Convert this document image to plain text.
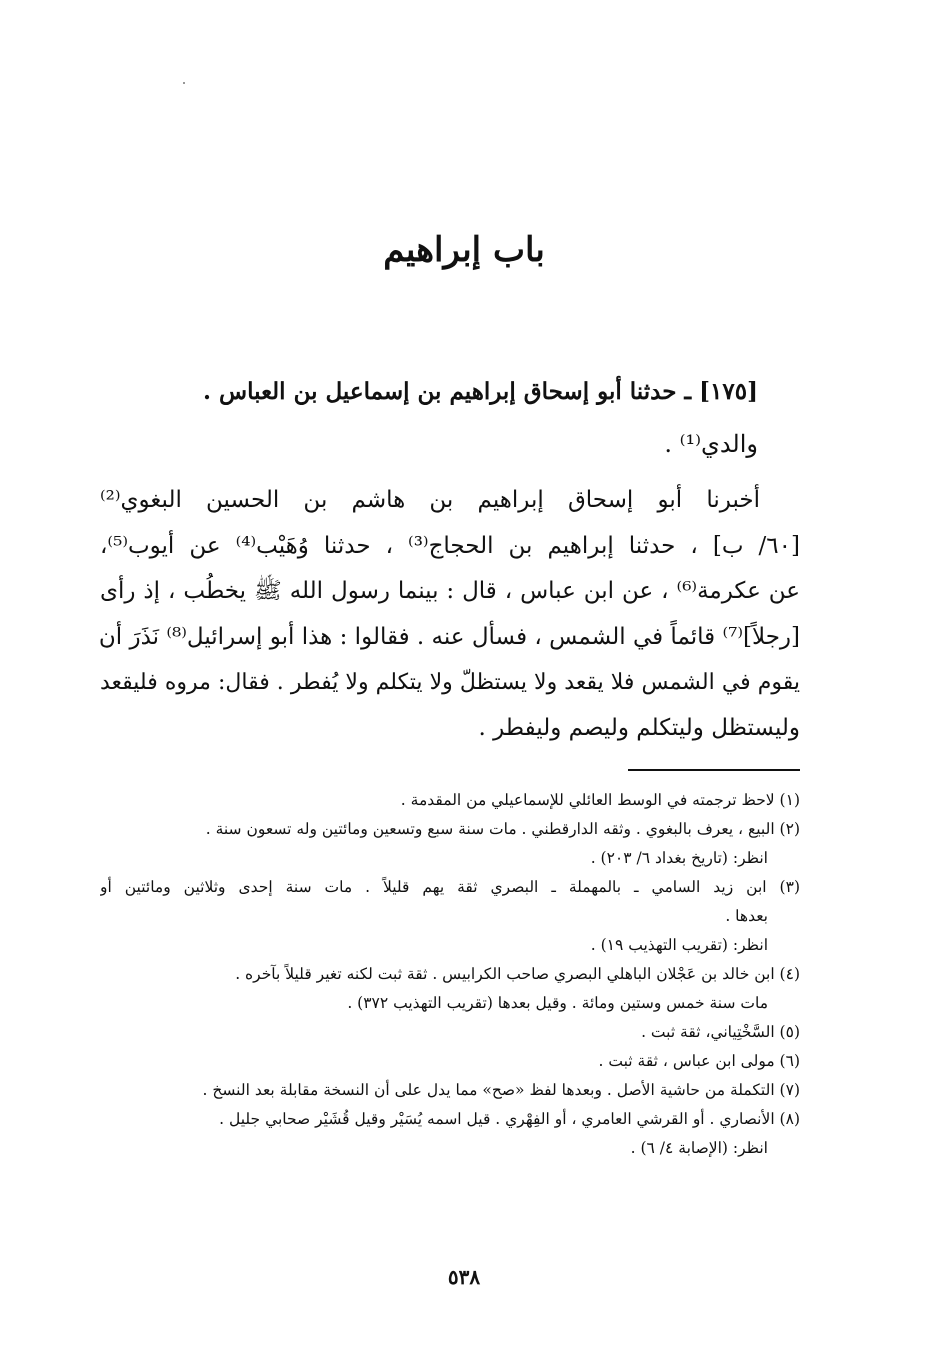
باب إبراهيم
[١٧٥] ـ حدثنا أبو إسحاق إبراهيم بن إسماعيل بن العباس .
والدي⁽¹⁾ .
أخبرنا أبو إسحاق إبراهيم بن هاشم بن الحسين البغوي⁽²⁾
[٦٠/ ب] ، حدثنا إبراهيم بن الحجاج⁽³⁾ ، حدثنا وُهَيْب⁽⁴⁾ عن أيوب⁽⁵⁾،
عن عكرمة⁽⁶⁾ ، عن ابن عباس ، قال : بينما رسول الله ﷺ يخطُب ، إذ رأى
[رجلاً]⁽⁷⁾ قائماً في الشمس ، فسأل عنه . فقالوا : هذا أبو إسرائيل⁽⁸⁾ نَذَرَ أن
يقوم في الشمس فلا يقعد ولا يستظلّ ولا يتكلم ولا يُفطر . فقال: مروه فليقعد
وليستظل وليتكلم وليصم وليفطر .
(١) لاحظ ترجمته في الوسط العائلي للإسماعيلي من المقدمة .
(٢) البيع ، يعرف بالبغوي . وثقه الدارقطني . مات سنة سبع وتسعين ومائتين وله تسعون سنة .
انظر: (تاريخ بغداد ٦/ ٢٠٣) .
(٣) ابن زيد السامي ـ بالمهملة ـ البصري ثقة يهم قليلاً . مات سنة إحدى وثلاثين ومائتين أو
بعدها .
انظر: (تقريب التهذيب ١٩) .
(٤) ابن خالد بن عَجْلان الباهلي البصري صاحب الكرابيس . ثقة ثبت لكنه تغير قليلاً بآخره .
مات سنة خمس وستين ومائة . وقيل بعدها (تقريب التهذيب ٣٧٢) .
(٥) السَّخْتِياني، ثقة ثبت .
(٦) مولى ابن عباس ، ثقة ثبت .
(٧) التكملة من حاشية الأصل . وبعدها لفظ «صح» مما يدل على أن النسخة مقابلة بعد النسخ .
(٨) الأنصاري . أو القرشي العامري ، أو الفِهْري . قيل اسمه يُسَيْر وقيل قُشَيْر صحابي جليل .
انظر: (الإصابة ٤/ ٦) .
٥٣٨
